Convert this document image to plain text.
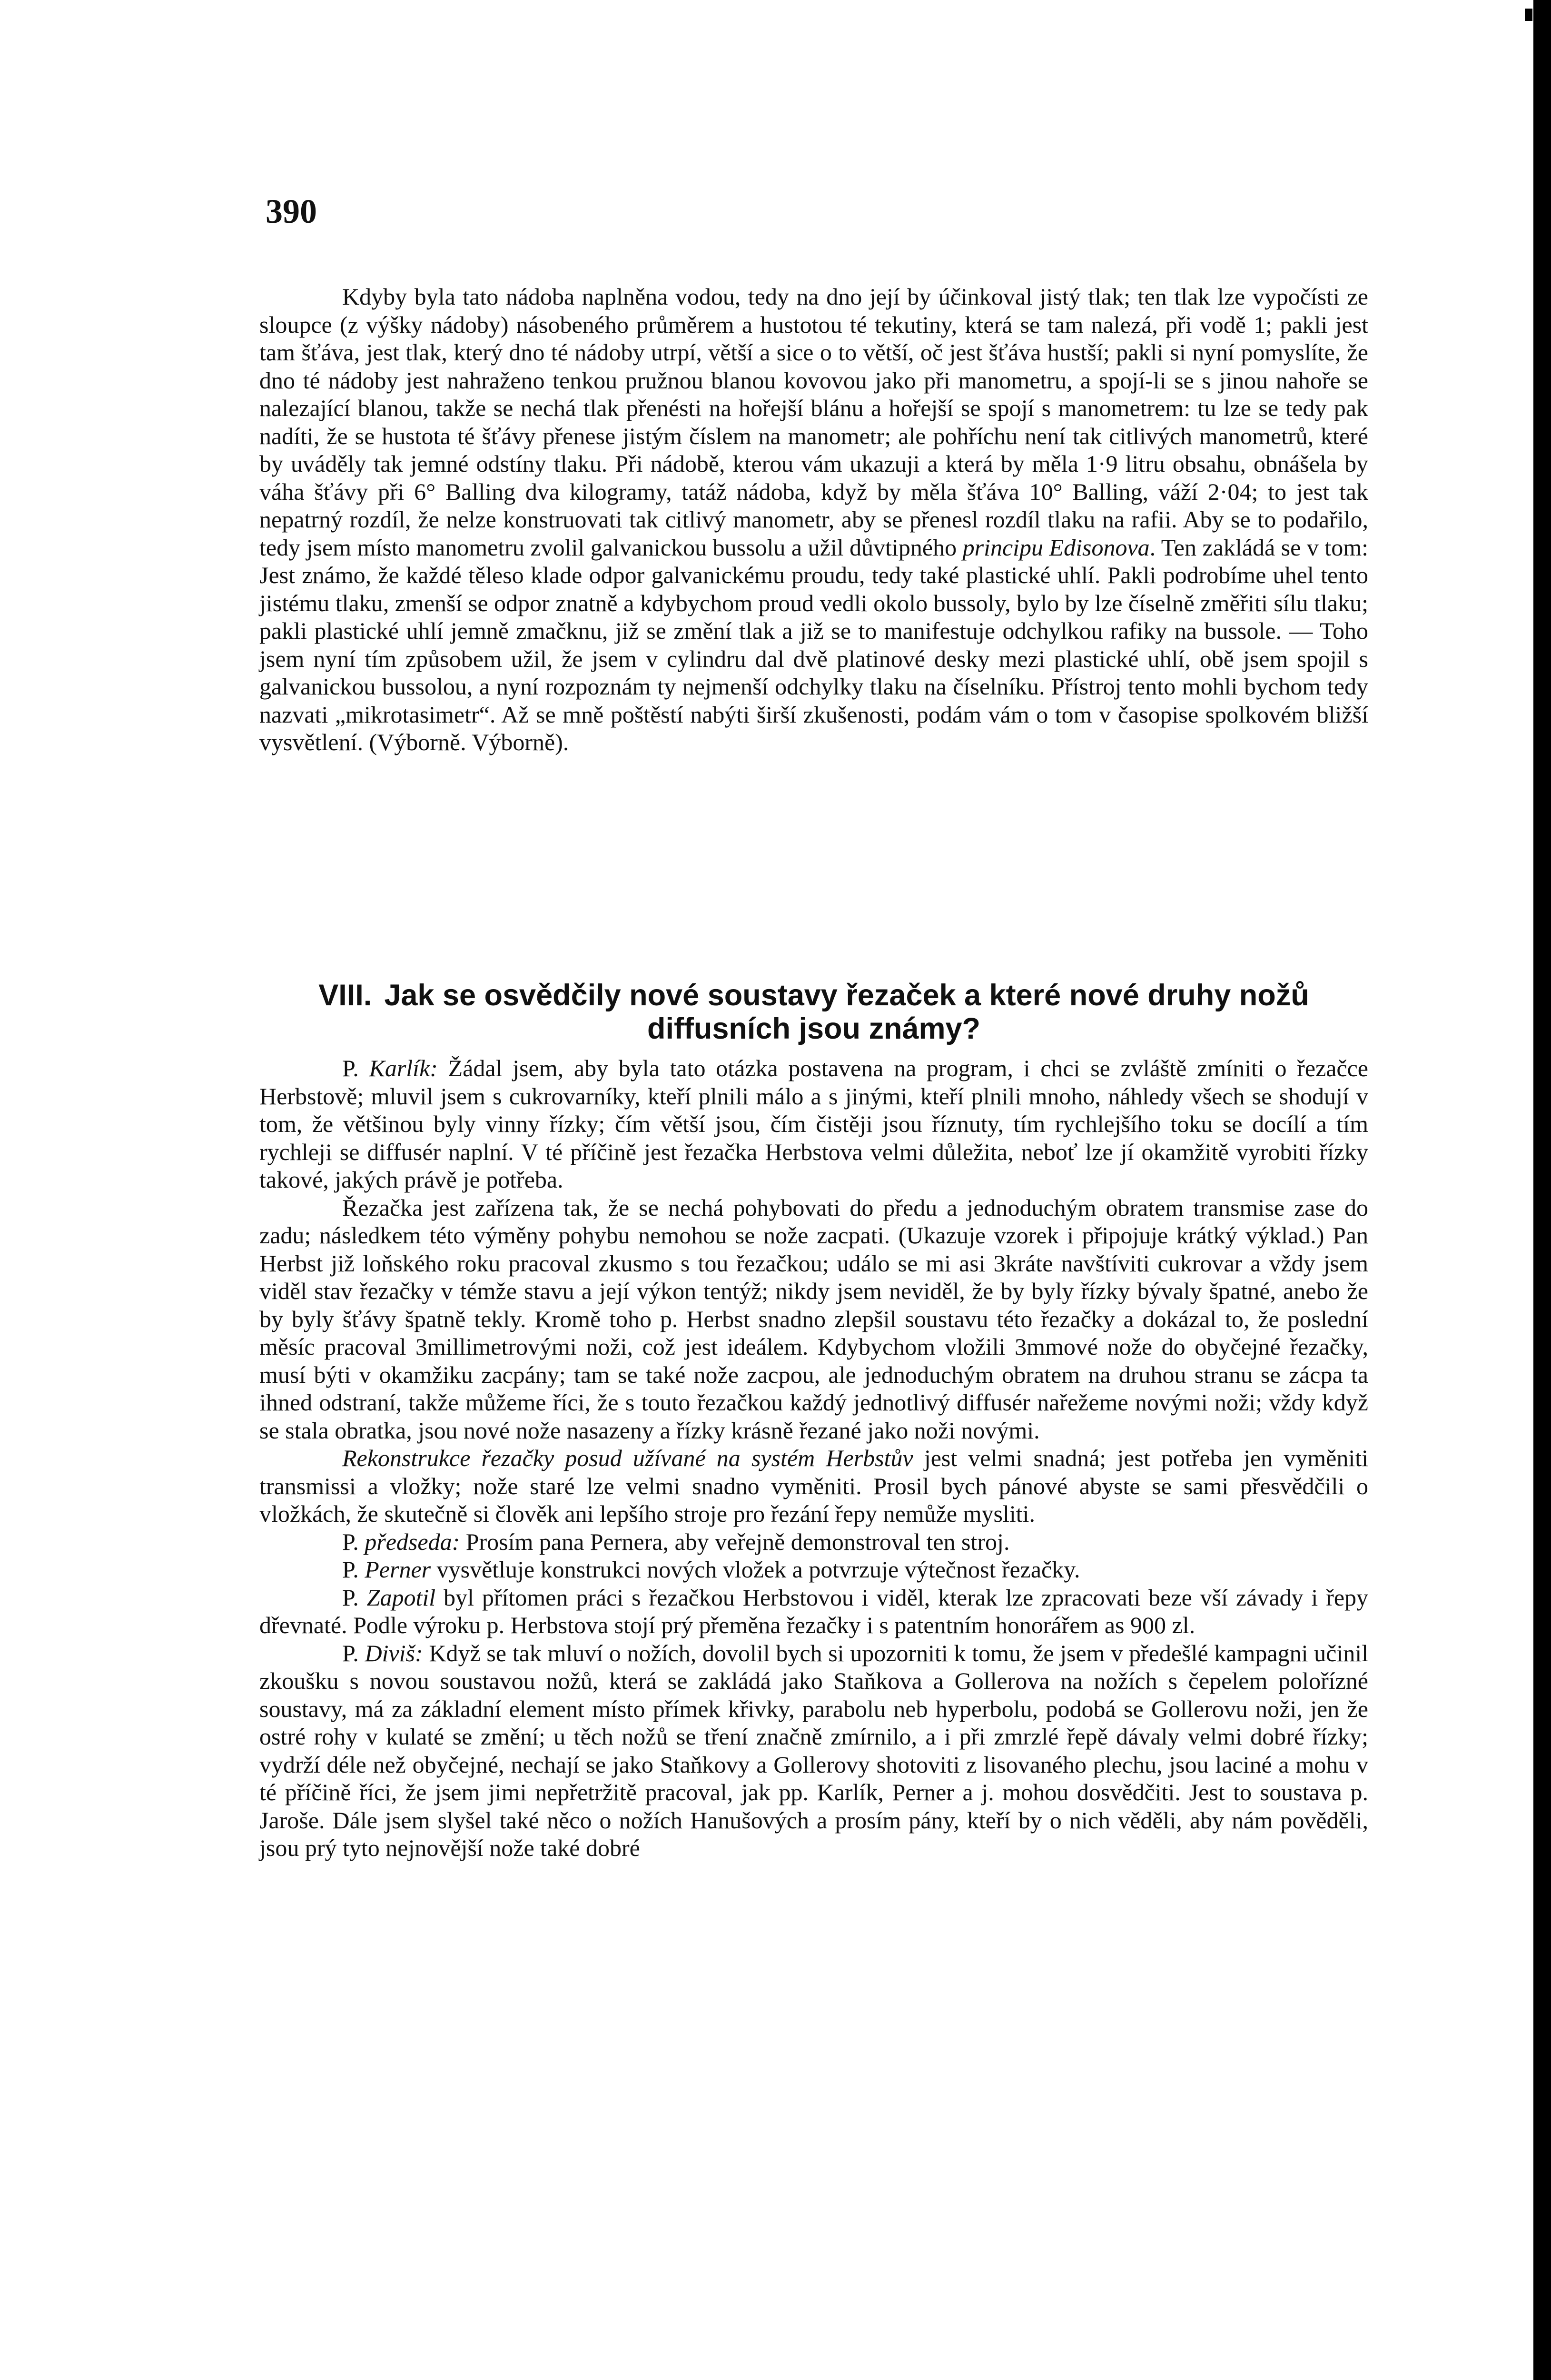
390

Kdyby byla tato nádoba naplněna vodou, tedy na dno její by účinkoval jistý tlak; ten tlak lze vypočísti ze sloupce (z výšky nádoby) násobeného průměrem a hustotou té tekutiny, která se tam nalezá, při vodě 1; pakli jest tam šťáva, jest tlak, který dno té nádoby utrpí, větší a sice o to větší, oč jest šťáva hustší; pakli si nyní pomyslíte, že dno té nádoby jest nahraženo tenkou pružnou blanou kovovou jako při manometru, a spojí-li se s jinou nahoře se nalezající blanou, takže se nechá tlak přenésti na hořejší blánu a hořejší se spojí s manometrem: tu lze se tedy pak nadíti, že se hustota té šťávy přenese jistým číslem na manometr; ale pohříchu není tak citlivých manometrů, které by uváděly tak jemné odstíny tlaku. Při nádobě, kterou vám ukazuji a která by měla 1·9 litru obsahu, obnášela by váha šťávy při 6° Balling dva kilogramy, tatáž nádoba, když by měla šťáva 10° Balling, váží 2·04; to jest tak nepatrný rozdíl, že nelze konstruovati tak citlivý manometr, aby se přenesl rozdíl tlaku na rafii. Aby se to podařilo, tedy jsem místo manometru zvolil galvanickou bussolu a užil důvtipného principu Edisonova. Ten zakládá se v tom: Jest známo, že každé těleso klade odpor galvanickému proudu, tedy také plastické uhlí. Pakli podrobíme uhel tento jistému tlaku, zmenší se odpor znatně a kdybychom proud vedli okolo bussoly, bylo by lze číselně změřiti sílu tlaku; pakli plastické uhlí jemně zmačknu, již se změní tlak a již se to manifestuje odchylkou rafiky na bussole. — Toho jsem nyní tím způsobem užil, že jsem v cylindru dal dvě platinové desky mezi plastické uhlí, obě jsem spojil s galvanickou bussolou, a nyní rozpoznám ty nejmenší odchylky tlaku na číselníku. Přístroj tento mohli bychom tedy nazvati „mikrotasimetr“. Až se mně poštěstí nabýti širší zkušenosti, podám vám o tom v časopise spolkovém bližší vysvětlení. (Výborně. Výborně).

VIII. Jak se osvědčily nové soustavy řezaček a které nové druhy nožů diffusních jsou známy?

P. Karlík: Žádal jsem, aby byla tato otázka postavena na program, i chci se zvláště zmíniti o řezačce Herbstově; mluvil jsem s cukrovarníky, kteří plnili málo a s jinými, kteří plnili mnoho, náhledy všech se shodují v tom, že většinou byly vinny řízky; čím větší jsou, čím čistěji jsou říznuty, tím rychlejšího toku se docílí a tím rychleji se diffusér naplní. V té příčině jest řezačka Herbstova velmi důležita, neboť lze jí okamžitě vyrobiti řízky takové, jakých právě je potřeba.

Řezačka jest zařízena tak, že se nechá pohybovati do předu a jednoduchým obratem transmise zase do zadu; následkem této výměny pohybu nemohou se nože zacpati. (Ukazuje vzorek i připojuje krátký výklad.) Pan Herbst již loňského roku pracoval zkusmo s tou řezačkou; událo se mi asi 3kráte navštíviti cukrovar a vždy jsem viděl stav řezačky v témže stavu a její výkon tentýž; nikdy jsem neviděl, že by byly řízky bývaly špatné, anebo že by byly šťávy špatně tekly. Kromě toho p. Herbst snadno zlepšil soustavu této řezačky a dokázal to, že poslední měsíc pracoval 3millimetrovými noži, což jest ideálem. Kdybychom vložili 3mmové nože do obyčejné řezačky, musí býti v okamžiku zacpány; tam se také nože zacpou, ale jednoduchým obratem na druhou stranu se zácpa ta ihned odstraní, takže můžeme říci, že s touto řezačkou každý jednotlivý diffusér nařežeme novými noži; vždy když se stala obratka, jsou nové nože nasazeny a řízky krásně řezané jako noži novými.

Rekonstrukce řezačky posud užívané na systém Herbstův jest velmi snadná; jest potřeba jen vyměniti transmissi a vložky; nože staré lze velmi snadno vyměniti. Prosil bych pánové abyste se sami přesvědčili o vložkách, že skutečně si člověk ani lepšího stroje pro řezání řepy nemůže mysliti.

P. předseda: Prosím pana Pernera, aby veřejně demonstroval ten stroj.

P. Perner vysvětluje konstrukci nových vložek a potvrzuje výtečnost řezačky.

P. Zapotil byl přítomen práci s řezačkou Herbstovou i viděl, kterak lze zpracovati beze vší závady i řepy dřevnaté. Podle výroku p. Herbstova stojí prý přeměna řezačky i s patentním honorářem as 900 zl.

P. Diviš: Když se tak mluví o nožích, dovolil bych si upozorniti k tomu, že jsem v předešlé kampagni učinil zkoušku s novou soustavou nožů, která se zakládá jako Staňkova a Gollerova na nožích s čepelem polořízné soustavy, má za základní element místo přímek křivky, parabolu neb hyperbolu, podobá se Gollerovu noži, jen že ostré rohy v kulaté se změní; u těch nožů se tření značně zmírnilo, a i při zmrzlé řepě dávaly velmi dobré řízky; vydrží déle než obyčejné, nechají se jako Staňkovy a Gollerovy shotoviti z lisovaného plechu, jsou laciné a mohu v té příčině říci, že jsem jimi nepřetržitě pracoval, jak pp. Karlík, Perner a j. mohou dosvědčiti. Jest to soustava p. Jaroše. Dále jsem slyšel také něco o nožích Hanušových a prosím pány, kteří by o nich věděli, aby nám pověděli, jsou prý tyto nejnovější nože také dobré
